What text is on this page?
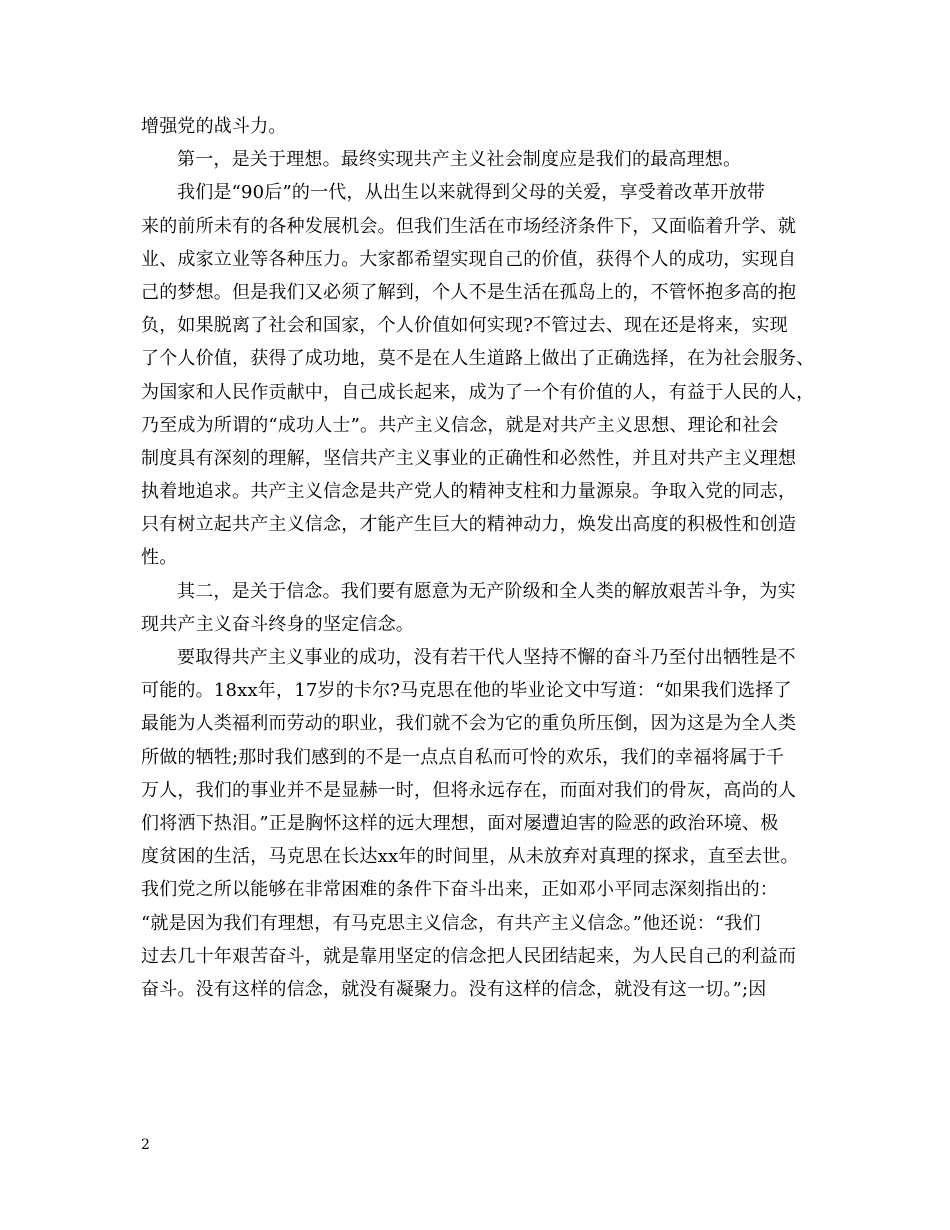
增强党的战斗力。
第一，是关于理想。最终实现共产主义社会制度应是我们的最高理想。
我们是“90后”的一代，从出生以来就得到父母的关爱，享受着改革开放带
来的前所未有的各种发展机会。但我们生活在市场经济条件下，又面临着升学、就
业、成家立业等各种压力。大家都希望实现自己的价值，获得个人的成功，实现自
己的梦想。但是我们又必须了解到，个人不是生活在孤岛上的，不管怀抱多高的抱
负，如果脱离了社会和国家，个人价值如何实现?不管过去、现在还是将来，实现
了个人价值，获得了成功地，莫不是在人生道路上做出了正确选择，在为社会服务、
为国家和人民作贡献中，自己成长起来，成为了一个有价值的人，有益于人民的人，
乃至成为所谓的“成功人士”。共产主义信念，就是对共产主义思想、理论和社会
制度具有深刻的理解，坚信共产主义事业的正确性和必然性，并且对共产主义理想
执着地追求。共产主义信念是共产党人的精神支柱和力量源泉。争取入党的同志，
只有树立起共产主义信念，才能产生巨大的精神动力，焕发出高度的积极性和创造
性。
其二，是关于信念。我们要有愿意为无产阶级和全人类的解放艰苦斗争，为实
现共产主义奋斗终身的坚定信念。
要取得共产主义事业的成功，没有若干代人坚持不懈的奋斗乃至付出牺牲是不
可能的。18xx年，17岁的卡尔?马克思在他的毕业论文中写道：“如果我们选择了
最能为人类福利而劳动的职业，我们就不会为它的重负所压倒，因为这是为全人类
所做的牺牲;那时我们感到的不是一点点自私而可怜的欢乐，我们的幸福将属于千
万人，我们的事业并不是显赫一时，但将永远存在，而面对我们的骨灰，高尚的人
们将洒下热泪。”正是胸怀这样的远大理想，面对屡遭迫害的险恶的政治环境、极
度贫困的生活，马克思在长达xx年的时间里，从未放弃对真理的探求，直至去世。
我们党之所以能够在非常困难的条件下奋斗出来，正如邓小平同志深刻指出的：
“就是因为我们有理想，有马克思主义信念，有共产主义信念。”他还说：“我们
过去几十年艰苦奋斗，就是靠用坚定的信念把人民团结起来，为人民自己的利益而
奋斗。没有这样的信念，就没有凝聚力。没有这样的信念，就没有这一切。”;因
2
